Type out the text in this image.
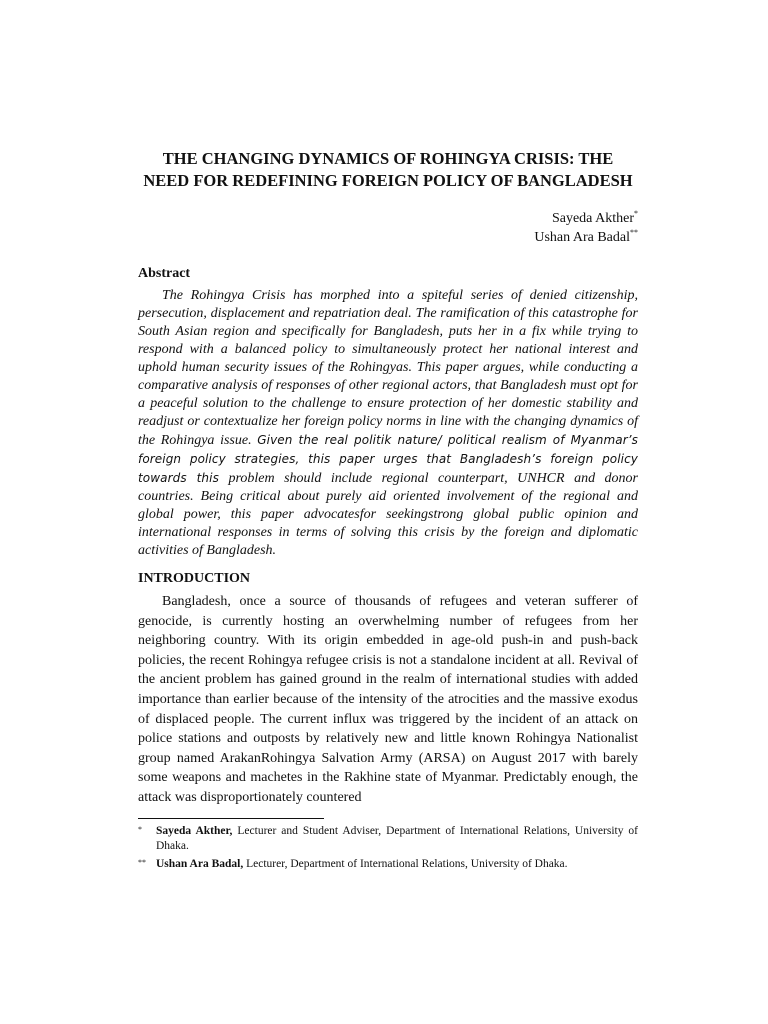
THE CHANGING DYNAMICS OF ROHINGYA CRISIS: THE NEED FOR REDEFINING FOREIGN POLICY OF BANGLADESH
Sayeda Akther*
Ushan Ara Badal**
Abstract

The Rohingya Crisis has morphed into a spiteful series of denied citizenship, persecution, displacement and repatriation deal. The ramification of this catastrophe for South Asian region and specifically for Bangladesh, puts her in a fix while trying to respond with a balanced policy to simultaneously protect her national interest and uphold human security issues of the Rohingyas. This paper argues, while conducting a comparative analysis of responses of other regional actors, that Bangladesh must opt for a peaceful solution to the challenge to ensure protection of her domestic stability and readjust or contextualize her foreign policy norms in line with the changing dynamics of the Rohingya issue. Given the real politik nature/ political realism of Myanmar’s foreign policy strategies, this paper urges that Bangladesh’s foreign policy towards this problem should include regional counterpart, UNHCR and donor countries. Being critical about purely aid oriented involvement of the regional and global power, this paper advocatesfor seekingstrong global public opinion and international responses in terms of solving this crisis by the foreign and diplomatic activities of Bangladesh.

INTRODUCTION

Bangladesh, once a source of thousands of refugees and veteran sufferer of genocide, is currently hosting an overwhelming number of refugees from her neighboring country. With its origin embedded in age-old push-in and push-back policies, the recent Rohingya refugee crisis is not a standalone incident at all. Revival of the ancient problem has gained ground in the realm of international studies with added importance than earlier because of the intensity of the atrocities and the massive exodus of displaced people. The current influx was triggered by the incident of an attack on police stations and outposts by relatively new and little known Rohingya Nationalist group named ArakanRohingya Salvation Army (ARSA) on August 2017 with barely some weapons and machetes in the Rakhine state of Myanmar. Predictably enough, the attack was disproportionately countered

* Sayeda Akther, Lecturer and Student Adviser, Department of International Relations, University of Dhaka.
** Ushan Ara Badal, Lecturer, Department of International Relations, University of Dhaka.
